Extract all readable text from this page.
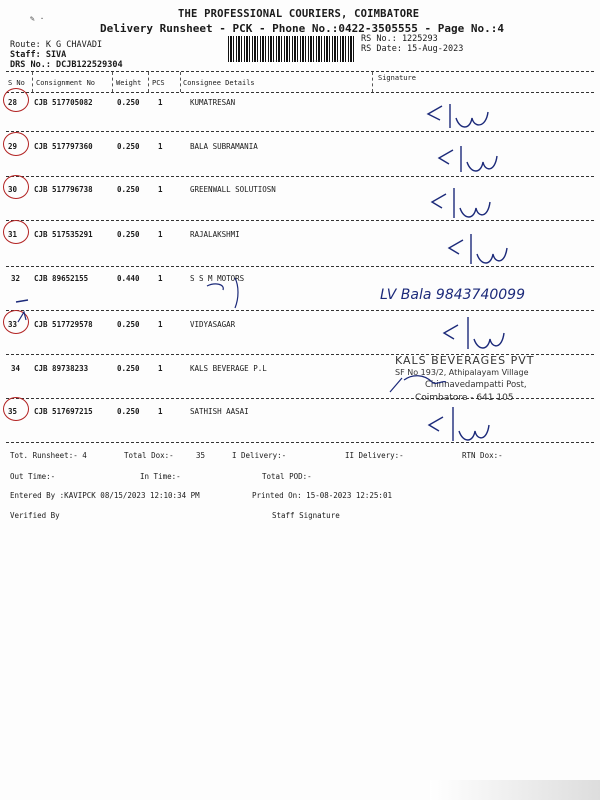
✎ ·	THE PROFESSIONAL COURIERS, COIMBATORE
Delivery Runsheet - PCK - Phone No.:0422-3505555 - Page No.:4
Route: K G CHAVADI
Staff: SIVA
DRS No.: DCJB122529304
RS No.: 1225293
RS Date: 15-Aug-2023
S No Consignment No	Weight PCS	Consignee Details
Signature
28 CJB 517705082	0.250 1	KUMATRESAN
29 CJB 517797360	0.250 1	BALA SUBRAMANIA
30 CJB 517796738	0.250 1	GREENWALL SOLUTIOSN
31 CJB 517535291	0.250 1	RAJALAKSHMI
32 CJB 89652155	0.440 1	S S M MOTORS
33 CJB 517729578	0.250 1	VIDYASAGAR
34 CJB 89738233	0.250 1	KALS BEVERAGE P.L
35 CJB 517697215	0.250 1	SATHISH AASAI
LV Bala 9843740099
KALS BEVERAGES PVT
SF No 193/2, Athipalayam Village
Chinnavedampatti Post,
Coimbatore - 641 105
Tot. Runsheet:- 4	Total Dox:-	35	I Delivery:-	II Delivery:-	RTN Dox:-
Out Time:-	In Time:-	Total POD:-
Entered By :KAVIPCK 08/15/2023 12:10:34 PM	Printed On: 15-08-2023 12:25:01
Verified By	Staff Signature
